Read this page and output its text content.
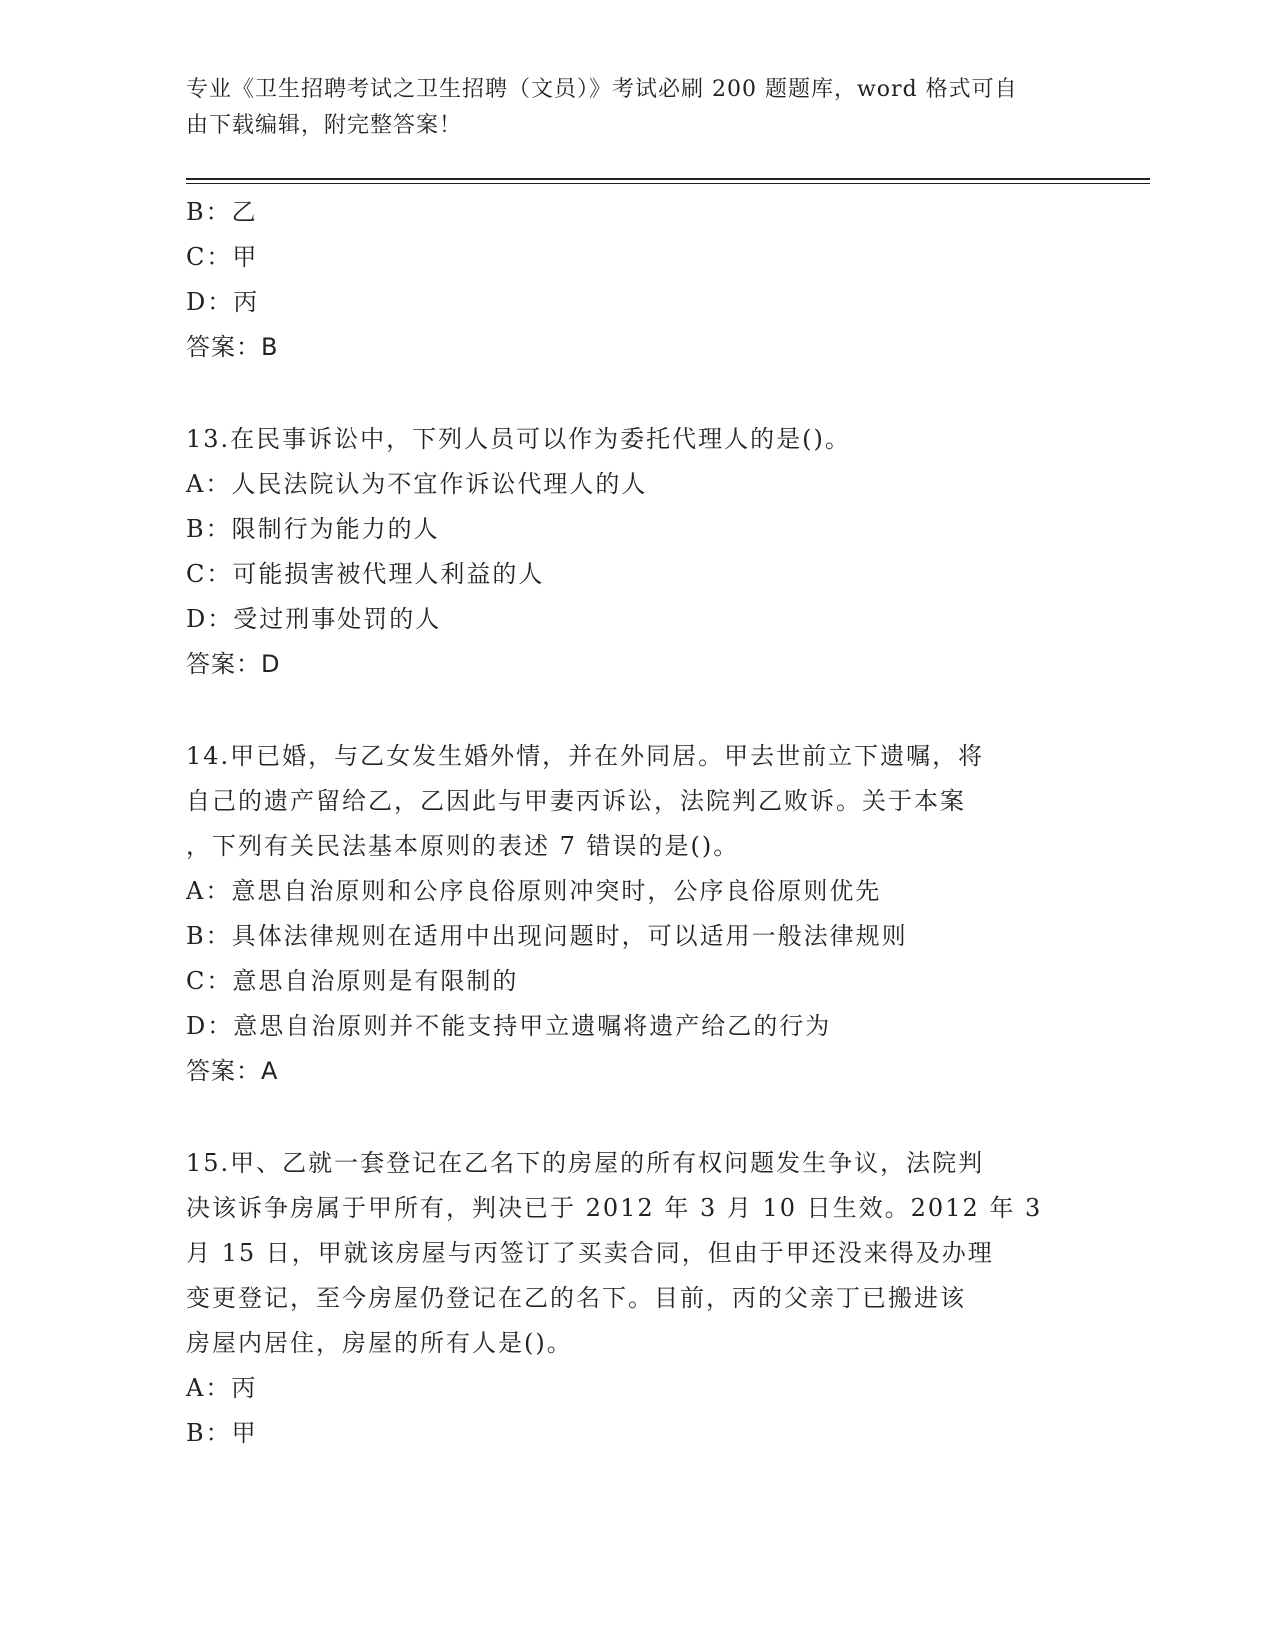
专业《卫生招聘考试之卫生招聘（文员）》考试必刷 200 题题库，word 格式可自
由下载编辑，附完整答案！
B：乙
C：甲
D：丙
答案：B
13.在民事诉讼中，下列人员可以作为委托代理人的是()。
A：人民法院认为不宜作诉讼代理人的人
B：限制行为能力的人
C：可能损害被代理人利益的人
D：受过刑事处罚的人
答案：D
14.甲已婚，与乙女发生婚外情，并在外同居。甲去世前立下遗嘱，将
自己的遗产留给乙，乙因此与甲妻丙诉讼，法院判乙败诉。关于本案
，下列有关民法基本原则的表述 7 错误的是()。
A：意思自治原则和公序良俗原则冲突时，公序良俗原则优先
B：具体法律规则在适用中出现问题时，可以适用一般法律规则
C：意思自治原则是有限制的
D：意思自治原则并不能支持甲立遗嘱将遗产给乙的行为
答案：A
15.甲、乙就一套登记在乙名下的房屋的所有权问题发生争议，法院判
决该诉争房属于甲所有，判决已于 2012 年 3 月 10 日生效。2012 年 3
月 15 日，甲就该房屋与丙签订了买卖合同，但由于甲还没来得及办理
变更登记，至今房屋仍登记在乙的名下。目前，丙的父亲丁已搬进该
房屋内居住，房屋的所有人是()。
A：丙
B：甲
